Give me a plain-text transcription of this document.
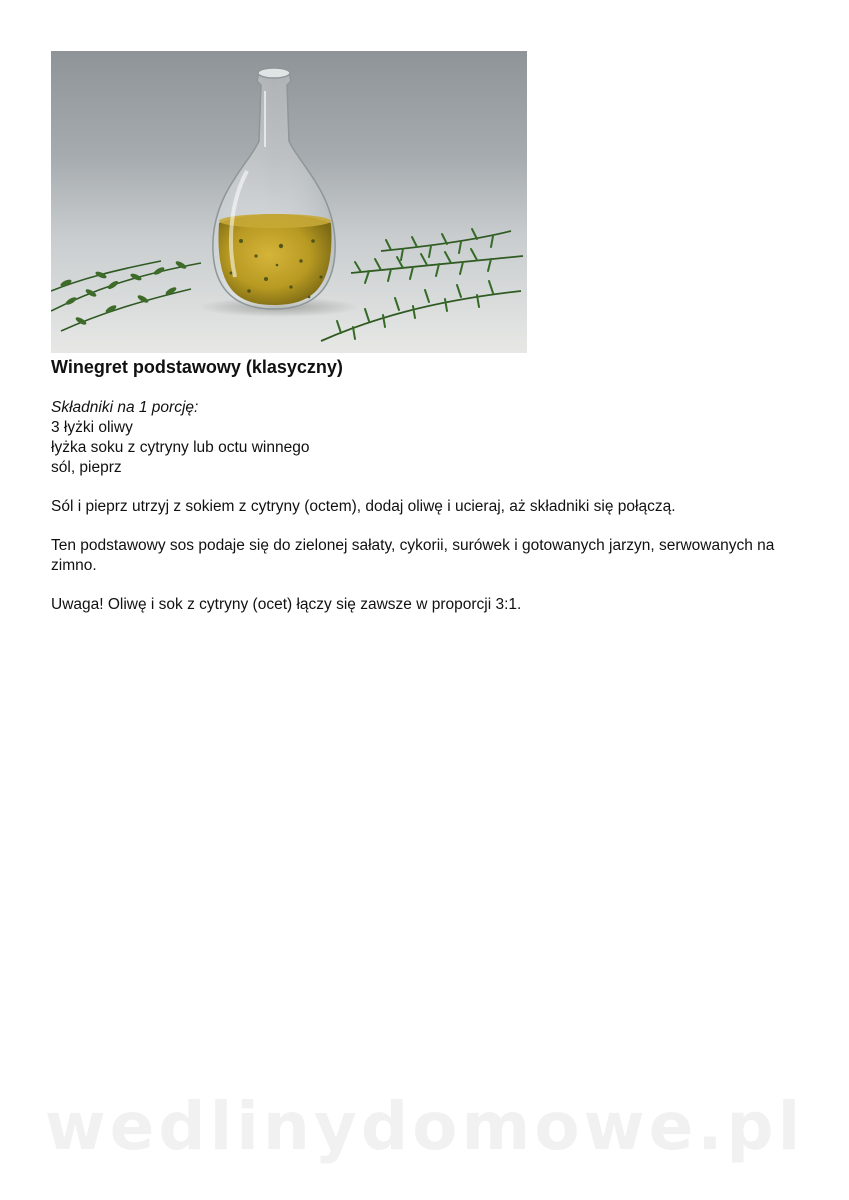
Winegret podstawowy (klasyczny)
Składniki na 1 porcję:
3 łyżki oliwy
łyżka soku z cytryny lub octu winnego
sól, pieprz

Sól i pieprz utrzyj z sokiem z cytryny (octem), dodaj oliwę i ucieraj, aż składniki się połączą.

Ten podstawowy sos podaje się do zielonej sałaty, cykorii, surówek i gotowanych jarzyn, serwowanych na zimno.

Uwaga! Oliwę i sok z cytryny (ocet) łączy się zawsze w proporcji 3:1.

wedlinydomowe.pl
